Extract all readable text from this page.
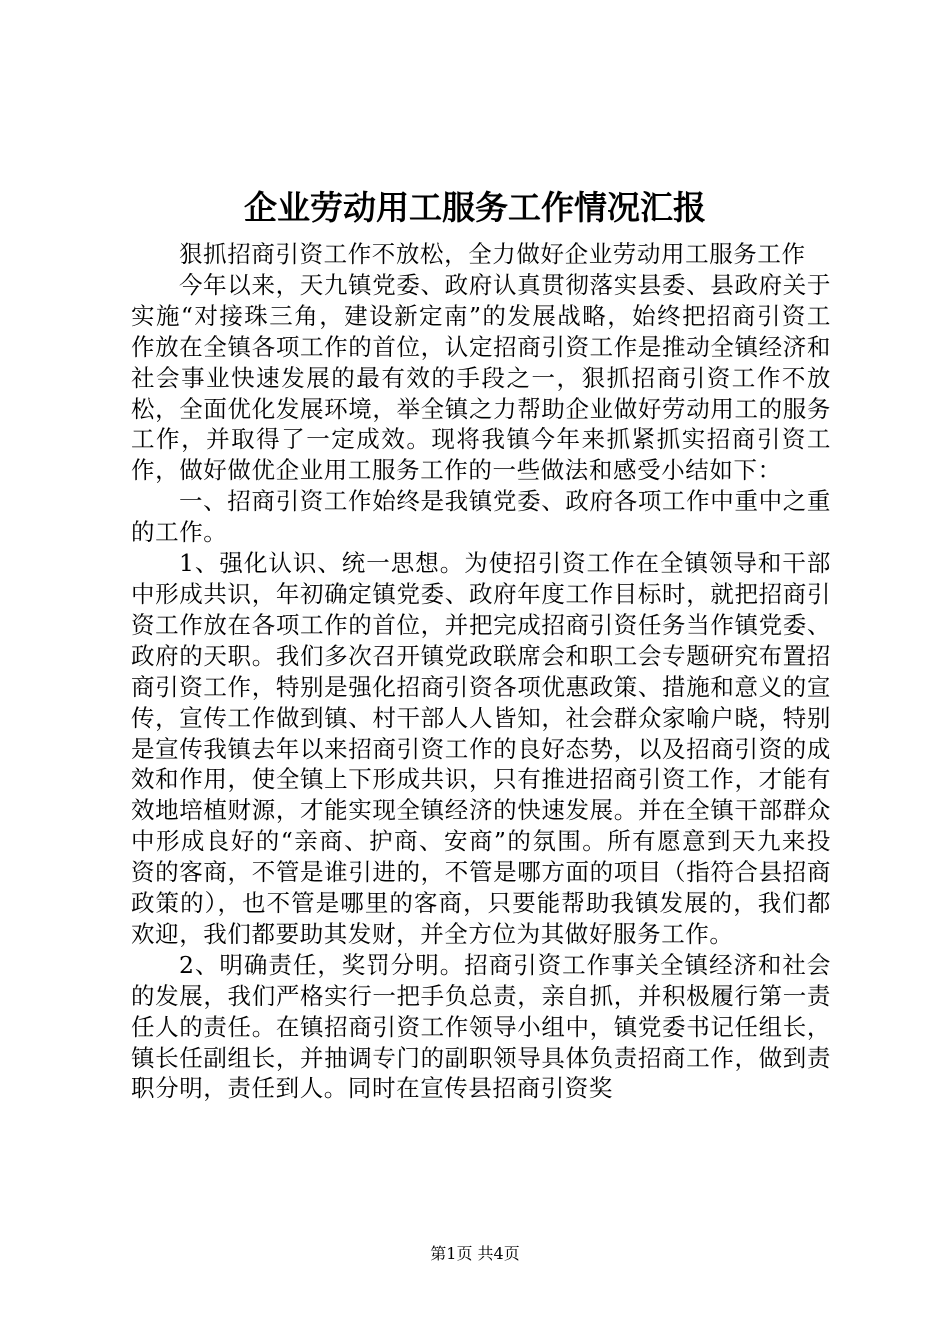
企业劳动用工服务工作情况汇报

狠抓招商引资工作不放松，全力做好企业劳动用工服务工作

今年以来，天九镇党委、政府认真贯彻落实县委、县政府关于实施“对接珠三角，建设新定南”的发展战略，始终把招商引资工作放在全镇各项工作的首位，认定招商引资工作是推动全镇经济和社会事业快速发展的最有效的手段之一，狠抓招商引资工作不放松，全面优化发展环境，举全镇之力帮助企业做好劳动用工的服务工作，并取得了一定成效。现将我镇今年来抓紧抓实招商引资工作，做好做优企业用工服务工作的一些做法和感受小结如下：

一、招商引资工作始终是我镇党委、政府各项工作中重中之重的工作。

1、强化认识、统一思想。为使招引资工作在全镇领导和干部中形成共识，年初确定镇党委、政府年度工作目标时，就把招商引资工作放在各项工作的首位，并把完成招商引资任务当作镇党委、政府的天职。我们多次召开镇党政联席会和职工会专题研究布置招商引资工作，特别是强化招商引资各项优惠政策、措施和意义的宣传，宣传工作做到镇、村干部人人皆知，社会群众家喻户晓，特别是宣传我镇去年以来招商引资工作的良好态势，以及招商引资的成效和作用，使全镇上下形成共识，只有推进招商引资工作，才能有效地培植财源，才能实现全镇经济的快速发展。并在全镇干部群众中形成良好的“亲商、护商、安商”的氛围。所有愿意到天九来投资的客商，不管是谁引进的，不管是哪方面的项目（指符合县招商政策的），也不管是哪里的客商，只要能帮助我镇发展的，我们都欢迎，我们都要助其发财，并全方位为其做好服务工作。

2、明确责任，奖罚分明。招商引资工作事关全镇经济和社会的发展，我们严格实行一把手负总责，亲自抓，并积极履行第一责任人的责任。在镇招商引资工作领导小组中，镇党委书记任组长，镇长任副组长，并抽调专门的副职领导具体负责招商工作，做到责职分明，责任到人。同时在宣传县招商引资奖

第1页 共4页
